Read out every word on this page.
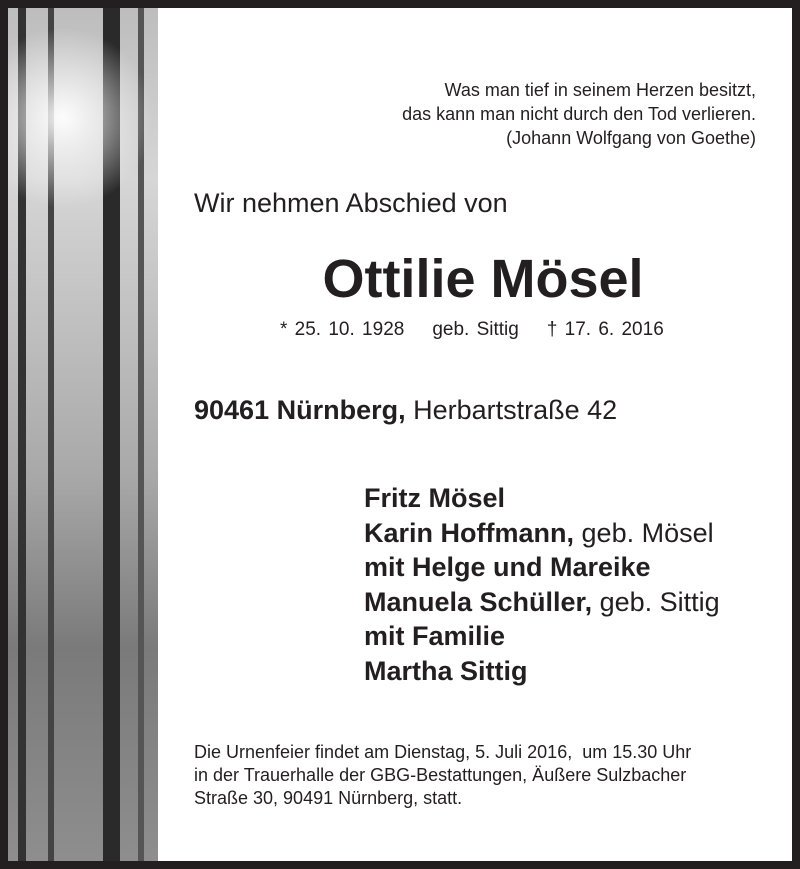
Was man tief in seinem Herzen besitzt,
das kann man nicht durch den Tod verlieren.
(Johann Wolfgang von Goethe)
Wir nehmen Abschied von
Ottilie Mösel
* 25. 10. 1928 geb. Sittig † 17. 6. 2016
90461 Nürnberg, Herbartstraße 42
Fritz Mösel
Karin Hoffmann, geb. Mösel
mit Helge und Mareike
Manuela Schüller, geb. Sittig
mit Familie
Martha Sittig
Die Urnenfeier findet am Dienstag, 5. Juli 2016,  um 15.30 Uhr
in der Trauerhalle der GBG-Bestattungen, Äußere Sulzbacher
Straße 30, 90491 Nürnberg, statt.
